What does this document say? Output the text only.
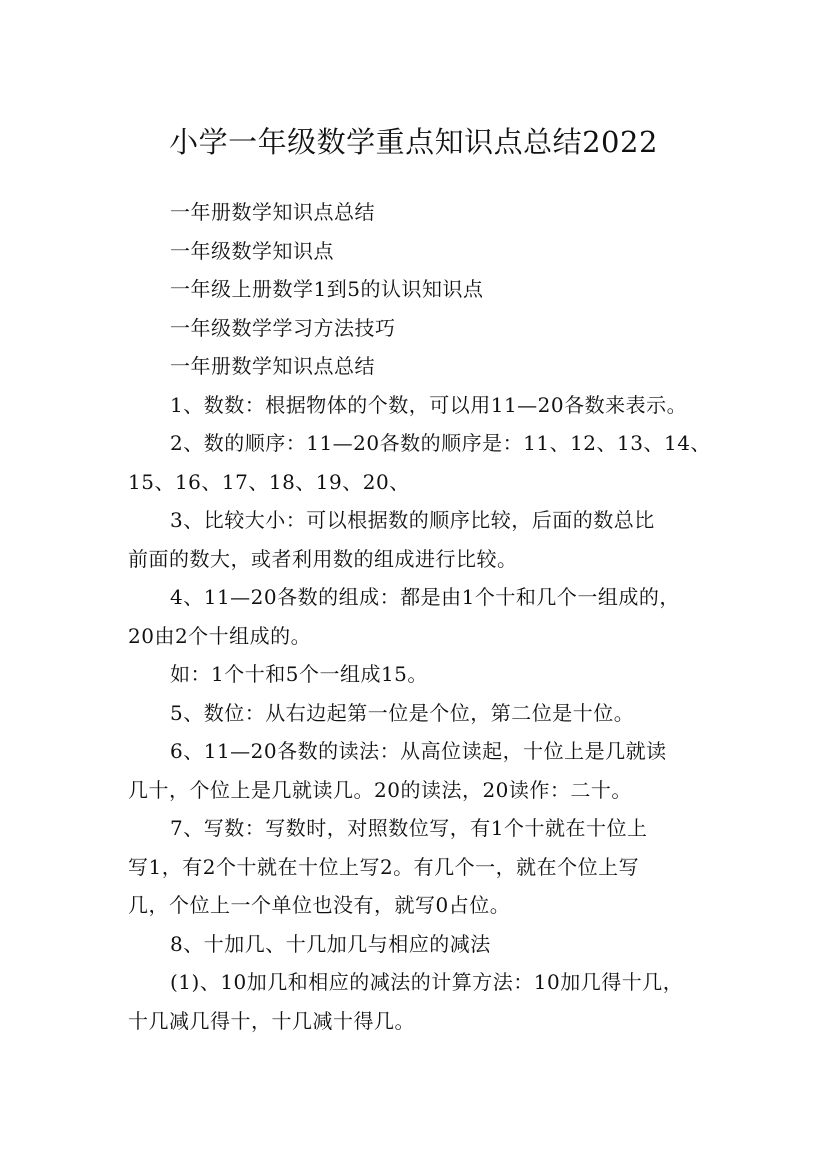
小学一年级数学重点知识点总结2022
一年册数学知识点总结
一年级数学知识点
一年级上册数学1到5的认识知识点
一年级数学学习方法技巧
一年册数学知识点总结
1、数数：根据物体的个数，可以用11—20各数来表示。
2、数的顺序：11—20各数的顺序是：11、12、13、14、
15、16、17、18、19、20、
3、比较大小：可以根据数的顺序比较，后面的数总比
前面的数大，或者利用数的组成进行比较。
4、11—20各数的组成：都是由1个十和几个一组成的，
20由2个十组成的。
如：1个十和5个一组成15。
5、数位：从右边起第一位是个位，第二位是十位。
6、11—20各数的读法：从高位读起，十位上是几就读
几十，个位上是几就读几。20的读法，20读作：二十。
7、写数：写数时，对照数位写，有1个十就在十位上
写1，有2个十就在十位上写2。有几个一，就在个位上写
几，个位上一个单位也没有，就写0占位。
8、十加几、十几加几与相应的减法
(1)、10加几和相应的减法的计算方法：10加几得十几，
十几减几得十，十几减十得几。
